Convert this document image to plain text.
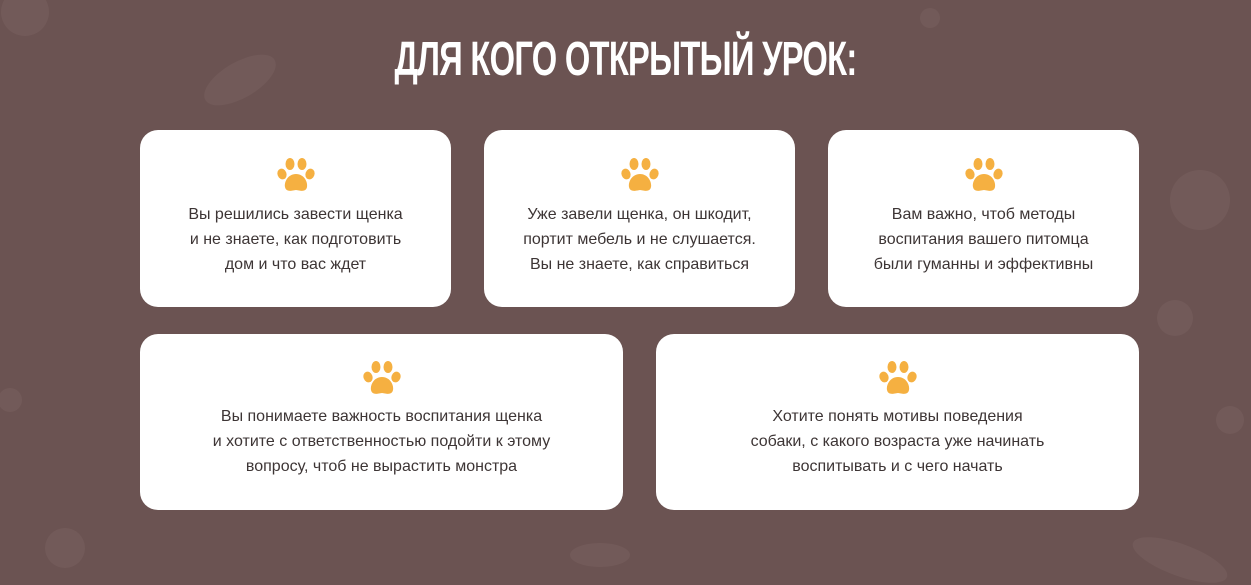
ДЛЯ КОГО ОТКРЫТЫЙ УРОК:
Вы решились завести щенка
и не знаете, как подготовить
дом и что вас ждет
Уже завели щенка, он шкодит,
портит мебель и не слушается.
Вы не знаете, как справиться
Вам важно, чтоб методы
воспитания вашего питомца
были гуманны и эффективны
Вы понимаете важность воспитания щенка
и хотите с ответственностью подойти к этому
вопросу, чтоб не вырастить монстра
Хотите понять мотивы поведения
собаки, с какого возраста уже начинать
воспитывать и с чего начать
